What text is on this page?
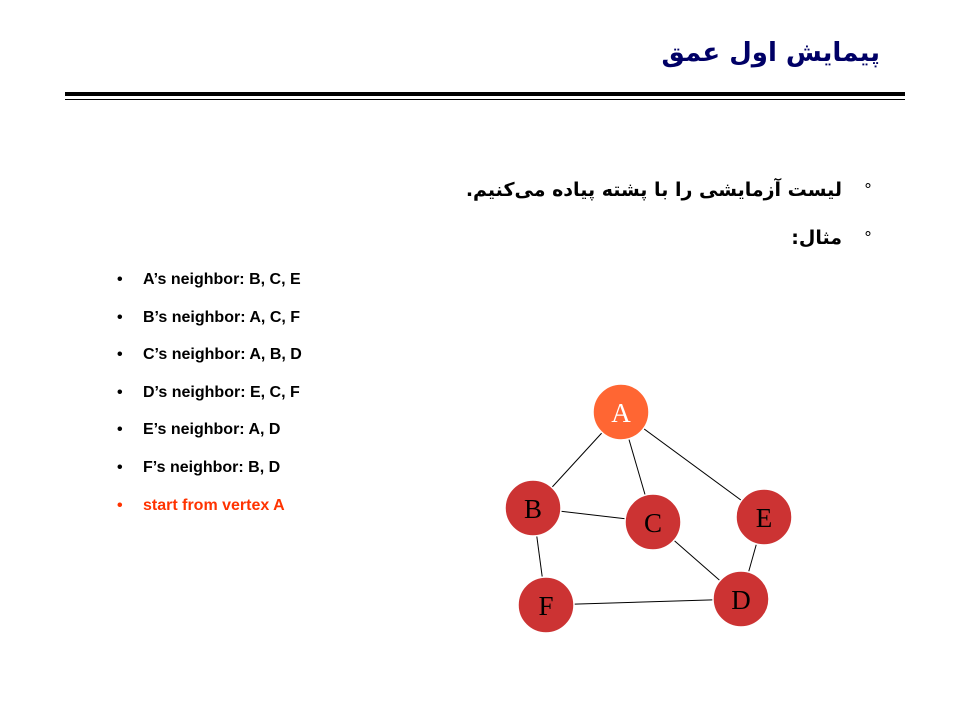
پیمایش اول عمق
°
لیست آزمایشی را با پشته پیاده می‌کنیم.
°
مثال:
• A’s neighbor: B, C, E
• B’s neighbor: A, C, F
• C’s neighbor: A, B, D
• D’s neighbor: E, C, F
• E’s neighbor: A, D
• F’s neighbor: B, D
• start from vertex A
A
B	C
D
E
F
